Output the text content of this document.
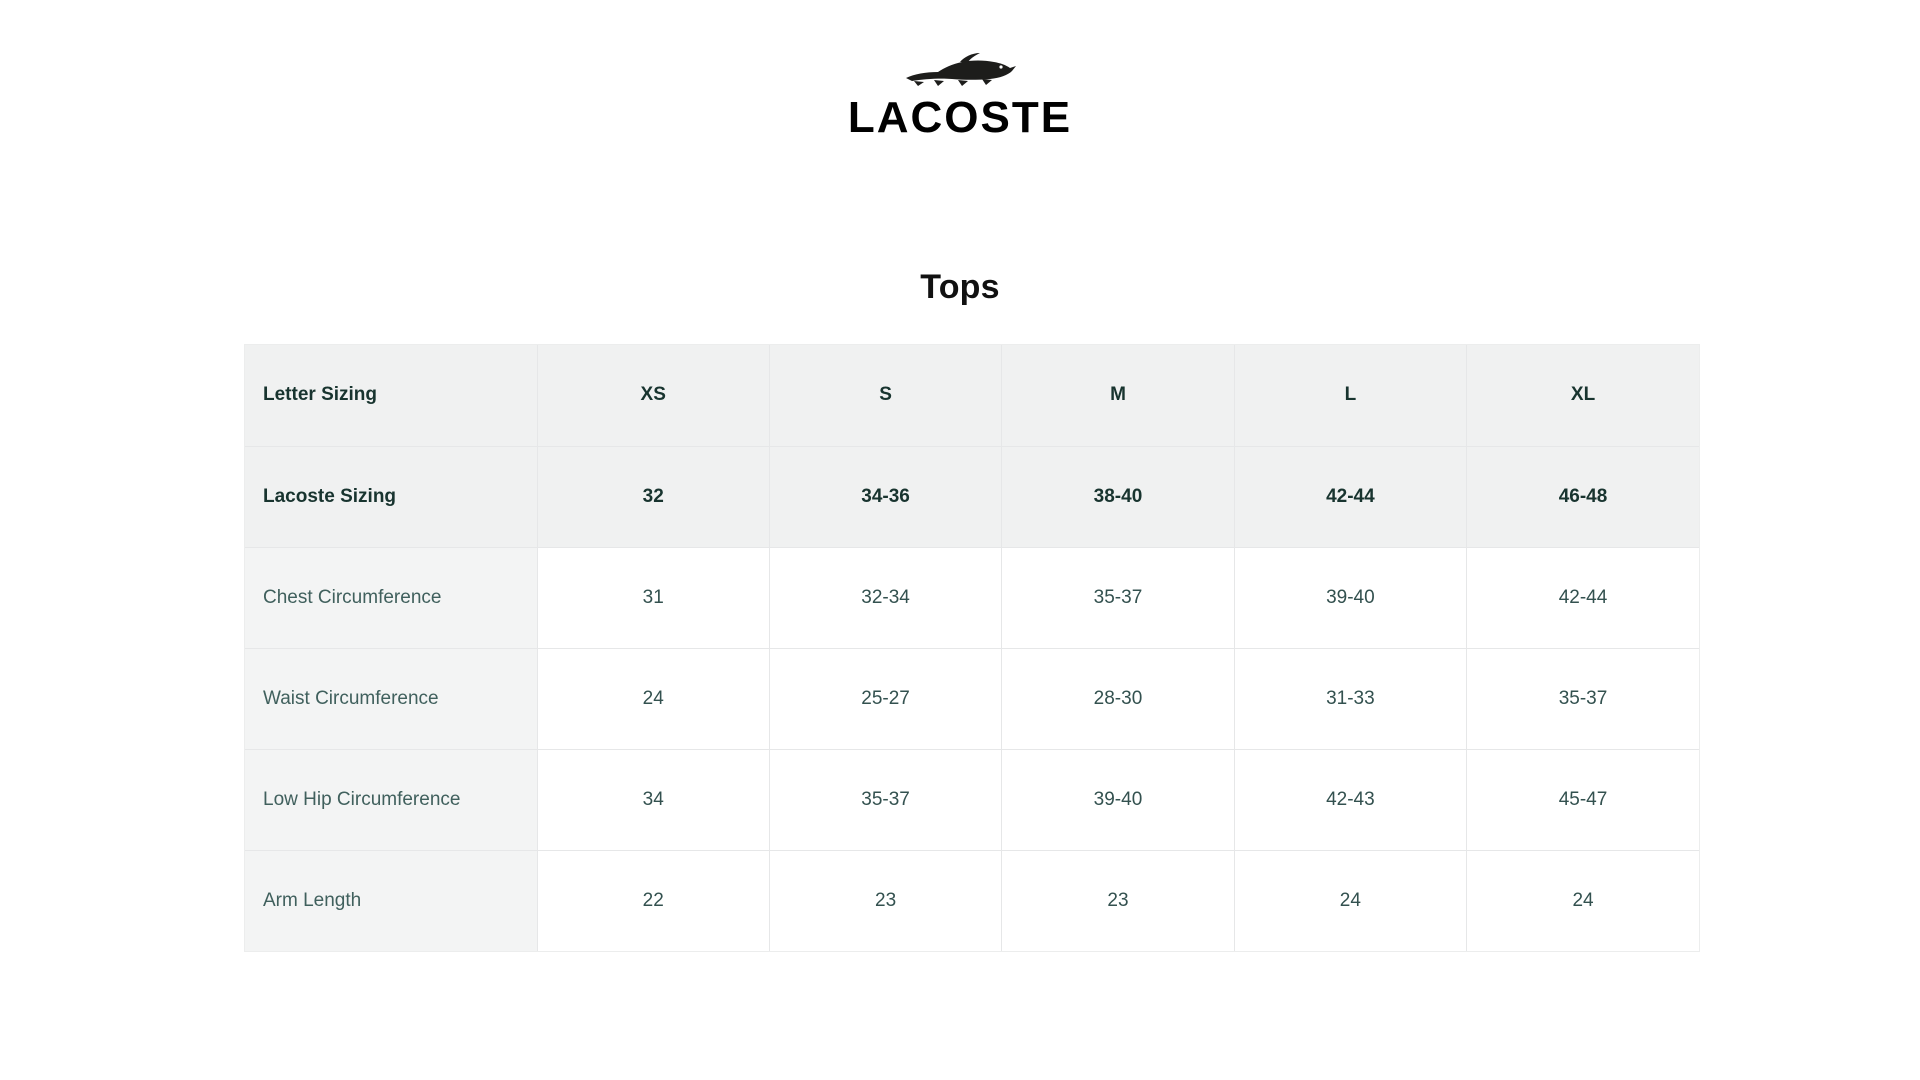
LACOSTE
Tops
Letter Sizing	XS	S	M	L	XL
Lacoste Sizing	32	34-36	38-40	42-44	46-48
Chest Circumference	31	32-34	35-37	39-40	42-44
Waist Circumference	24	25-27	28-30	31-33	35-37
Low Hip Circumference	34	35-37	39-40	42-43	45-47
Arm Length	22	23	23	24	24
